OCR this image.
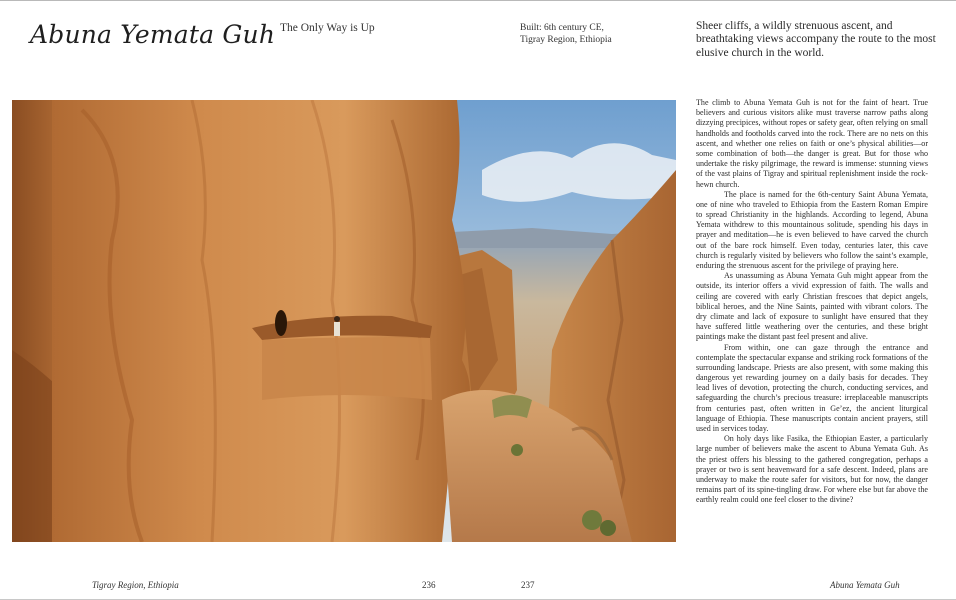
Abuna Yemata Guh The Only Way is Up	Built: 6th century CE,
Tigray Region, Ethiopia
Sheer cliffs, a wildly strenuous ascent, and breathtaking views accompany the route to the most elusive church in the world.

The climb to Abuna Yemata Guh is not for the faint of heart. True believers and curious visitors alike must traverse narrow paths along dizzying precipices, without ropes or safety gear, often relying on small handholds and footholds carved into the rock. There are no nets on this ascent, and whether one relies on faith or one’s physical abilities—or some combination of both—the danger is great. But for those who undertake the risky pilgrimage, the reward is immense: stunning views of the vast plains of Tigray and spiritual replenishment inside the rock-hewn church.

The place is named for the 6th-century Saint Abuna Yemata, one of nine who traveled to Ethiopia from the Eastern Roman Empire to spread Christianity in the highlands. According to legend, Abuna Yemata withdrew to this mountainous solitude, spending his days in prayer and meditation—he is even believed to have carved the church out of the bare rock himself. Even today, centuries later, this cave church is regularly visited by believers who follow the saint’s example, enduring the strenuous ascent for the privilege of praying here.

As unassuming as Abuna Yemata Guh might appear from the outside, its interior offers a vivid expression of faith. The walls and ceiling are covered with early Christian frescoes that depict angels, biblical heroes, and the Nine Saints, painted with vibrant colors. The dry climate and lack of exposure to sunlight have ensured that they have suffered little weathering over the centuries, and these bright paintings make the distant past feel present and alive.

From within, one can gaze through the entrance and contemplate the spectacular expanse and striking rock formations of the surrounding landscape. Priests are also present, with some making this dangerous yet rewarding journey on a daily basis for decades. They lead lives of devotion, protecting the church, conducting services, and safeguarding the church’s precious treasure: irreplaceable manuscripts from centuries past, often written in Ge’ez, the ancient liturgical language of Ethiopia. These manuscripts contain ancient prayers, still used in services today.

On holy days like Fasika, the Ethiopian Easter, a particularly large number of believers make the ascent to Abuna Yemata Guh. As the priest offers his blessing to the gathered congregation, perhaps a prayer or two is sent heavenward for a safe descent. Indeed, plans are underway to make the route safer for visitors, but for now, the danger remains part of its spine-tingling draw. For where else but far above the earthly realm could one feel closer to the divine?

Tigray Region, Ethiopia	236	237	Abuna Yemata Guh
